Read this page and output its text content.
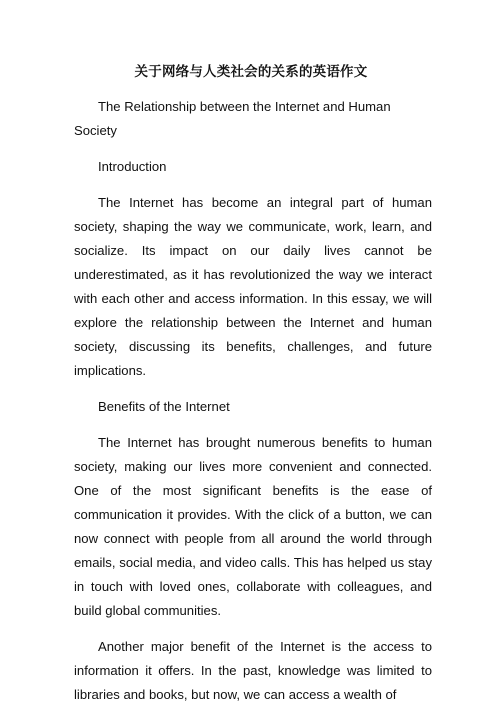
关于网络与人类社会的关系的英语作文

The Relationship between the Internet and Human Society

Introduction

The Internet has become an integral part of human society, shaping the way we communicate, work, learn, and socialize. Its impact on our daily lives cannot be underestimated, as it has revolutionized the way we interact with each other and access information. In this essay, we will explore the relationship between the Internet and human society, discussing its benefits, challenges, and future implications.

Benefits of the Internet

The Internet has brought numerous benefits to human society, making our lives more convenient and connected. One of the most significant benefits is the ease of communication it provides. With the click of a button, we can now connect with people from all around the world through emails, social media, and video calls. This has helped us stay in touch with loved ones, collaborate with colleagues, and build global communities.

Another major benefit of the Internet is the access to information it offers. In the past, knowledge was limited to libraries and books, but now, we can access a wealth of
